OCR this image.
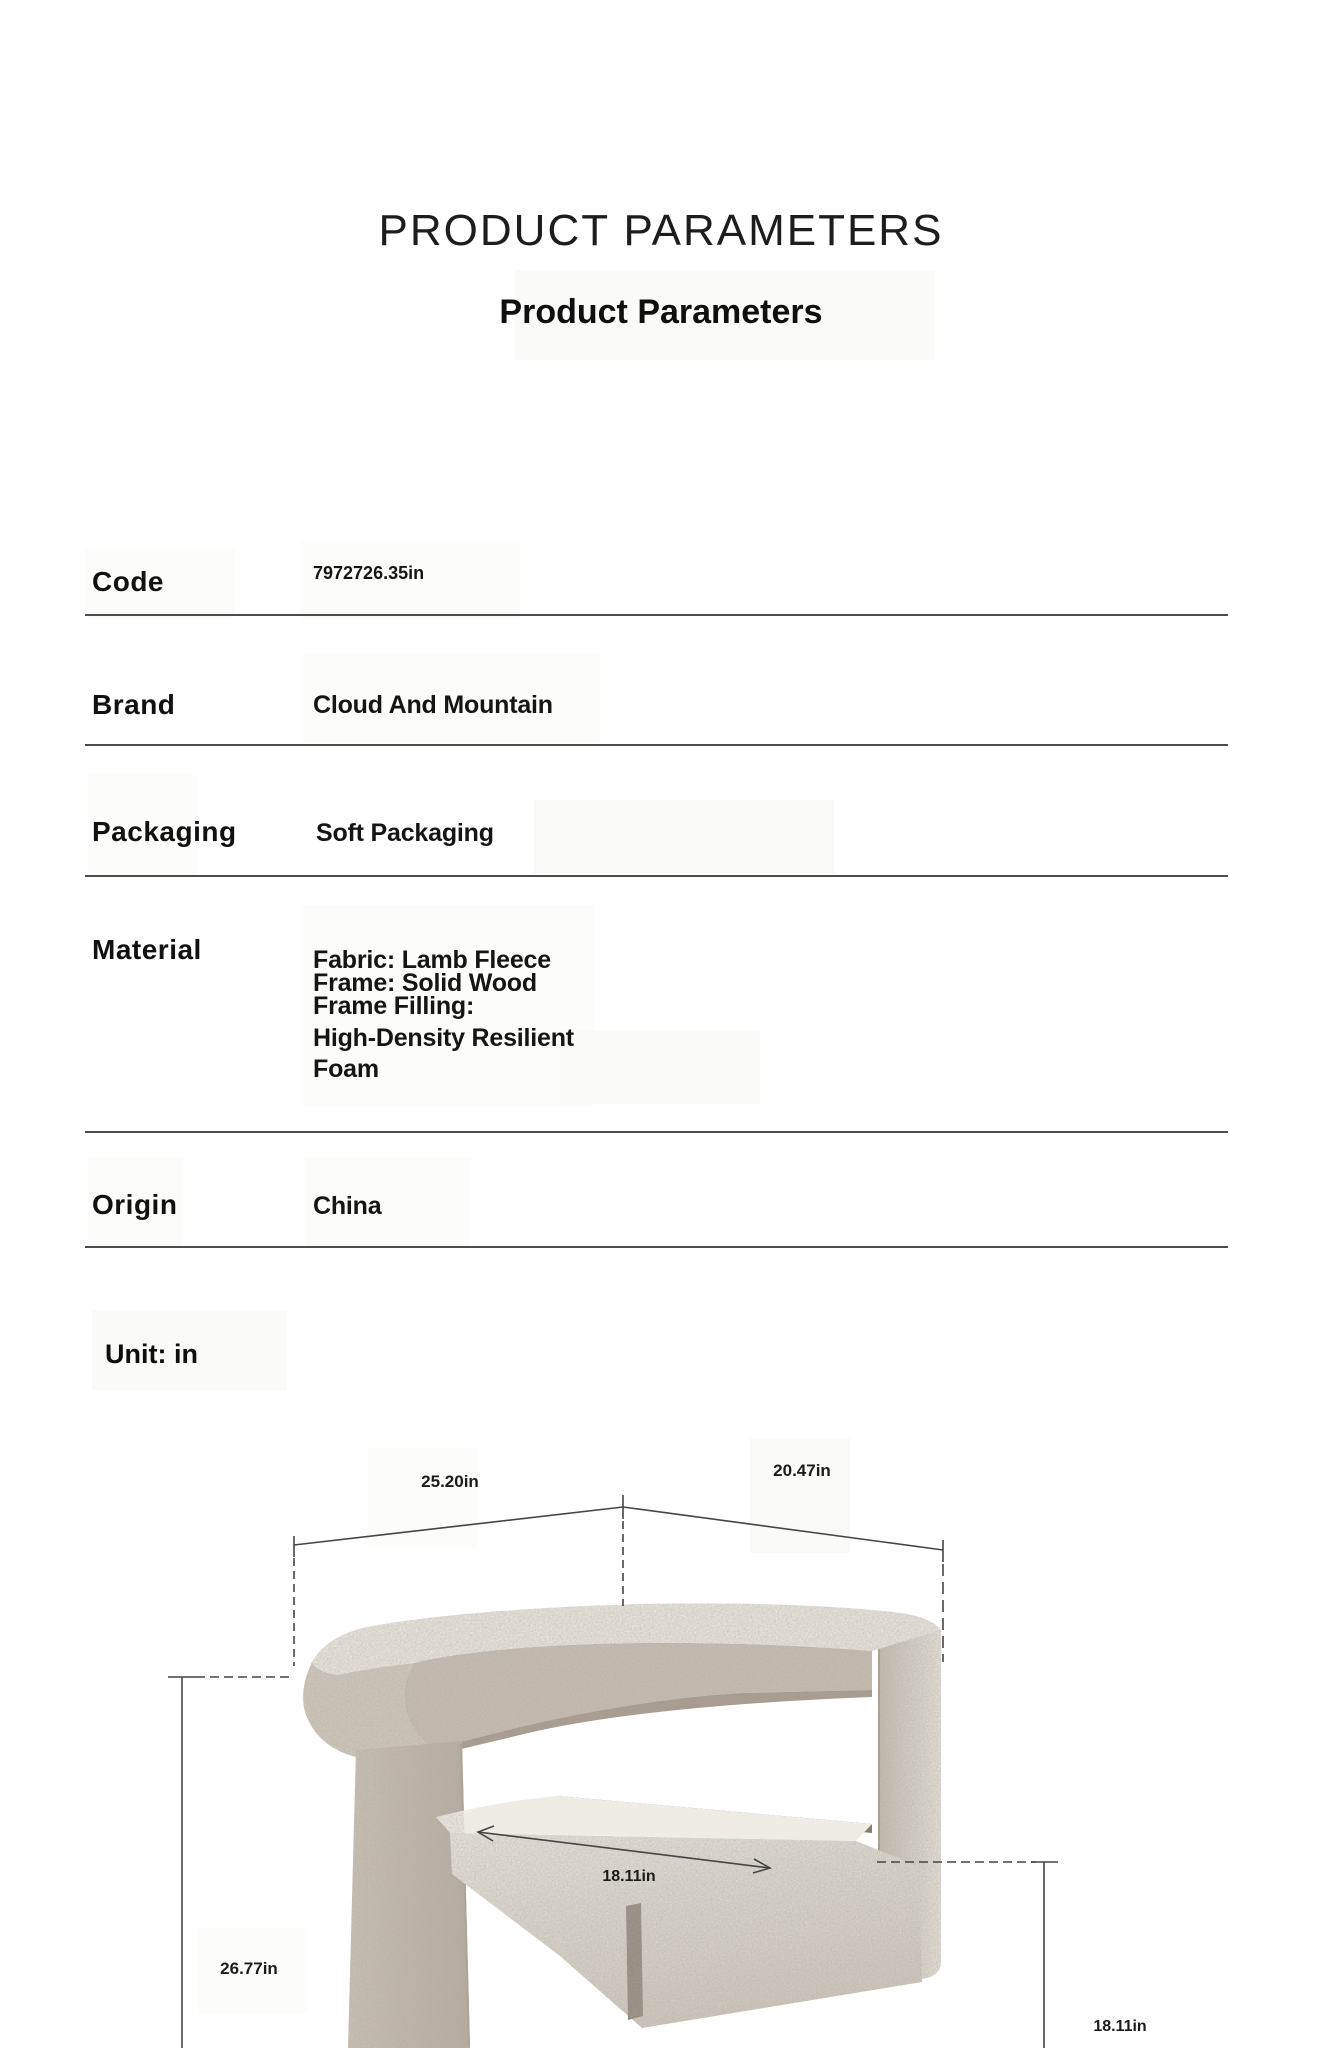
PRODUCT PARAMETERS
Product Parameters
Code	7972726.35in
Brand	Cloud And Mountain
Packaging	Soft Packaging
Material	Fabric: Lamb Fleece
Frame: Solid Wood
Frame Filling:
High-Density Resilient
Foam
Origin	China
Unit: in
25.20in
20.47in
18.11in
26.77in
18.11in
